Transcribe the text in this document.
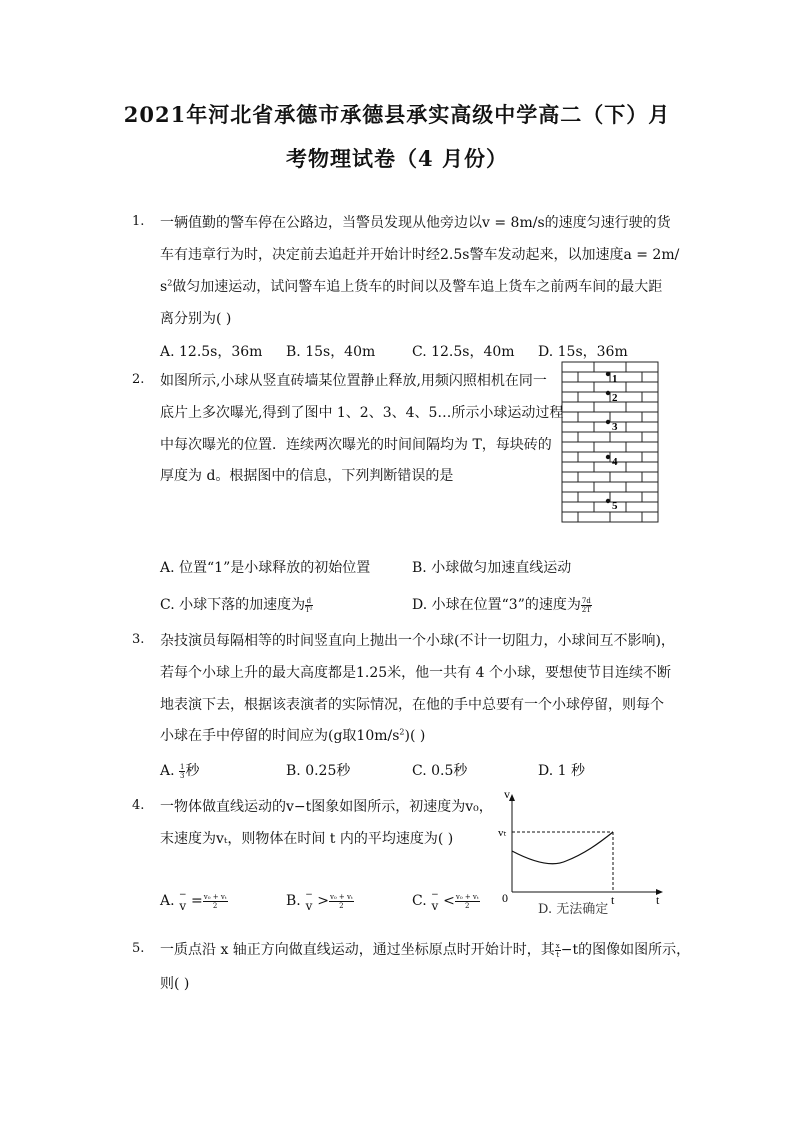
2021年河北省承德市承德县承实高级中学高二（下）月
考物理试卷（4 月份）
1. 一辆值勤的警车停在公路边，当警员发现从他旁边以v = 8m/s的速度匀速行驶的货
车有违章行为时，决定前去追赶并开始计时经2.5s警车发动起来，以加速度a = 2m/
$s^2$做匀加速运动，试问警车追上货车的时间以及警车追上货车之前两车间的最大距
离分别为( )
A. 12.5s，36m B. 15s，40m	C. 12.5s，40m D. 15s，36m
2. 如图所示,小球从竖直砖墙某位置静止释放,用频闪照相机在同一
底片上多次曝光,得到了图中 1、2、3、4、5…所示小球运动过程
中每次曝光的位置．连续两次曝光的时间间隔均为 T，每块砖的
厚度为 d。根据图中的信息，下列判断错误的是
1
2
3
4
5
A. 位置“1”是小球释放的初始位置	B. 小球做匀加速直线运动
C. 小球下落的加速度为 $\frac{d}{\text{T²}}$	D. 小球在位置“3”的速度为 $\frac{7d}{2T}$
3. 杂技演员每隔相等的时间竖直向上抛出一个小球(不计一切阻力，小球间互不影响)，
若每个小球上升的最大高度都是1.25米，他一共有 4 个小球，要想使节目连续不断
地表演下去，根据该表演者的实际情况，在他的手中总要有一个小球停留，则每个
小球在手中停留的时间应为(g取$10m/s^2$)( )
A. $\frac{1}{3}$ 秒	B. 0.25秒	C. 0.5秒	D. 1 秒
4. 一物体做直线运动的v−t图象如图所示，初速度为v₀，
末速度为vₜ，则物体在时间 t 内的平均速度为( )
v
vₜ
0	t
t
A. −
$v = \frac{\text{v₀ + vₜ}}{2}$	B. −
$v > \frac{\text{v₀ + vₜ}}{2}$	C. −
$v < \frac{\text{v₀ + vₜ}}{2}$	D. 无法确定
5. 一质点沿 x 轴正方向做直线运动，通过坐标原点时开始计时，其 $\frac{x}{t} -t$的图像如图所示，
则( )
